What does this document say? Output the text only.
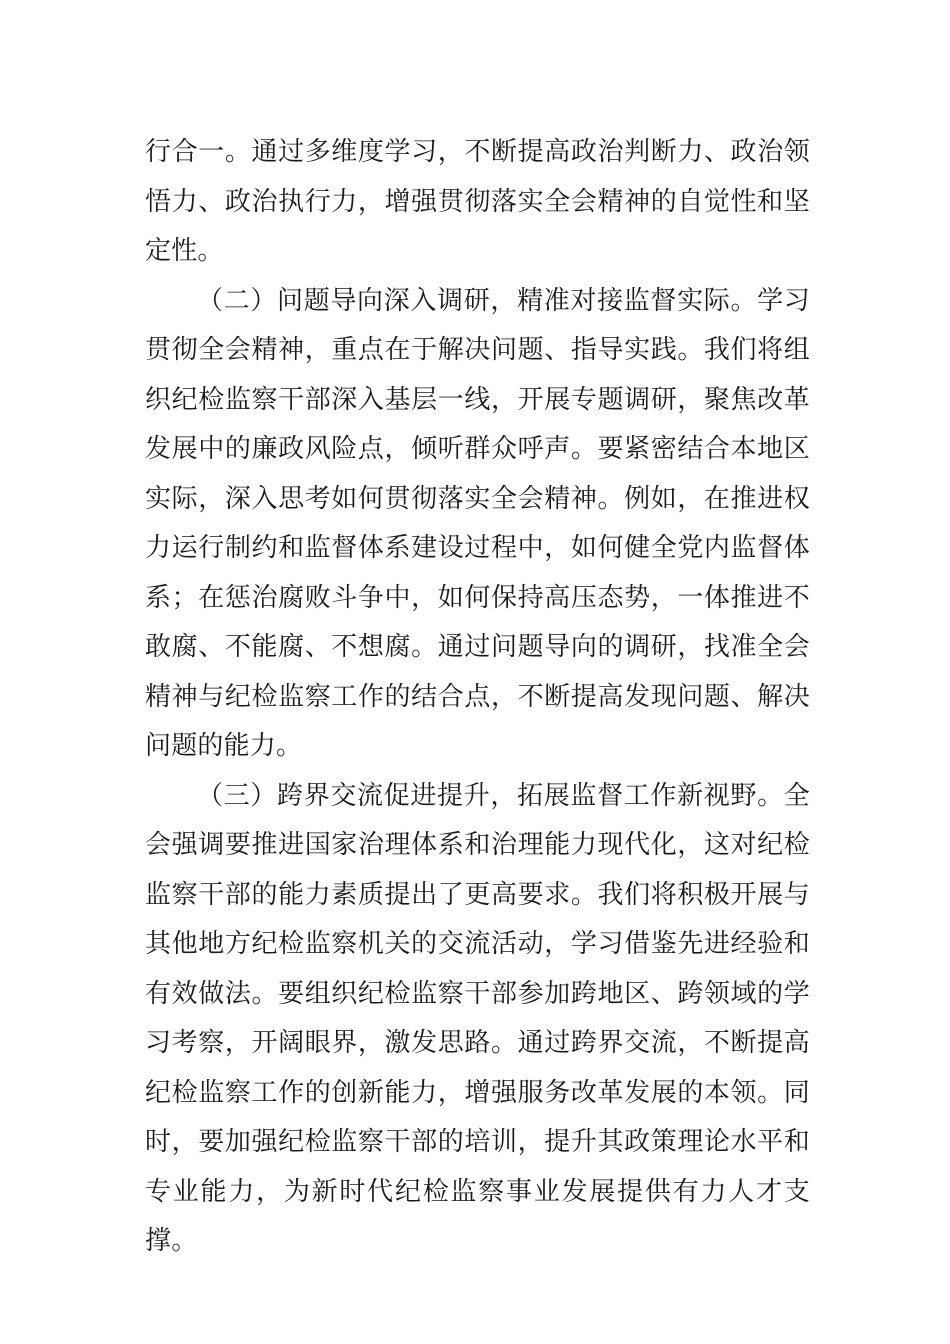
行合一。通过多维度学习，不断提高政治判断力、政治领悟力、政治执行力，增强贯彻落实全会精神的自觉性和坚定性。

（二）问题导向深入调研，精准对接监督实际。学习贯彻全会精神，重点在于解决问题、指导实践。我们将组织纪检监察干部深入基层一线，开展专题调研，聚焦改革发展中的廉政风险点，倾听群众呼声。要紧密结合本地区实际，深入思考如何贯彻落实全会精神。例如，在推进权力运行制约和监督体系建设过程中，如何健全党内监督体系；在惩治腐败斗争中，如何保持高压态势，一体推进不敢腐、不能腐、不想腐。通过问题导向的调研，找准全会精神与纪检监察工作的结合点，不断提高发现问题、解决问题的能力。

（三）跨界交流促进提升，拓展监督工作新视野。全会强调要推进国家治理体系和治理能力现代化，这对纪检监察干部的能力素质提出了更高要求。我们将积极开展与其他地方纪检监察机关的交流活动，学习借鉴先进经验和有效做法。要组织纪检监察干部参加跨地区、跨领域的学习考察，开阔眼界，激发思路。通过跨界交流，不断提高纪检监察工作的创新能力，增强服务改革发展的本领。同时，要加强纪检监察干部的培训，提升其政策理论水平和专业能力，为新时代纪检监察事业发展提供有力人才支撑。
